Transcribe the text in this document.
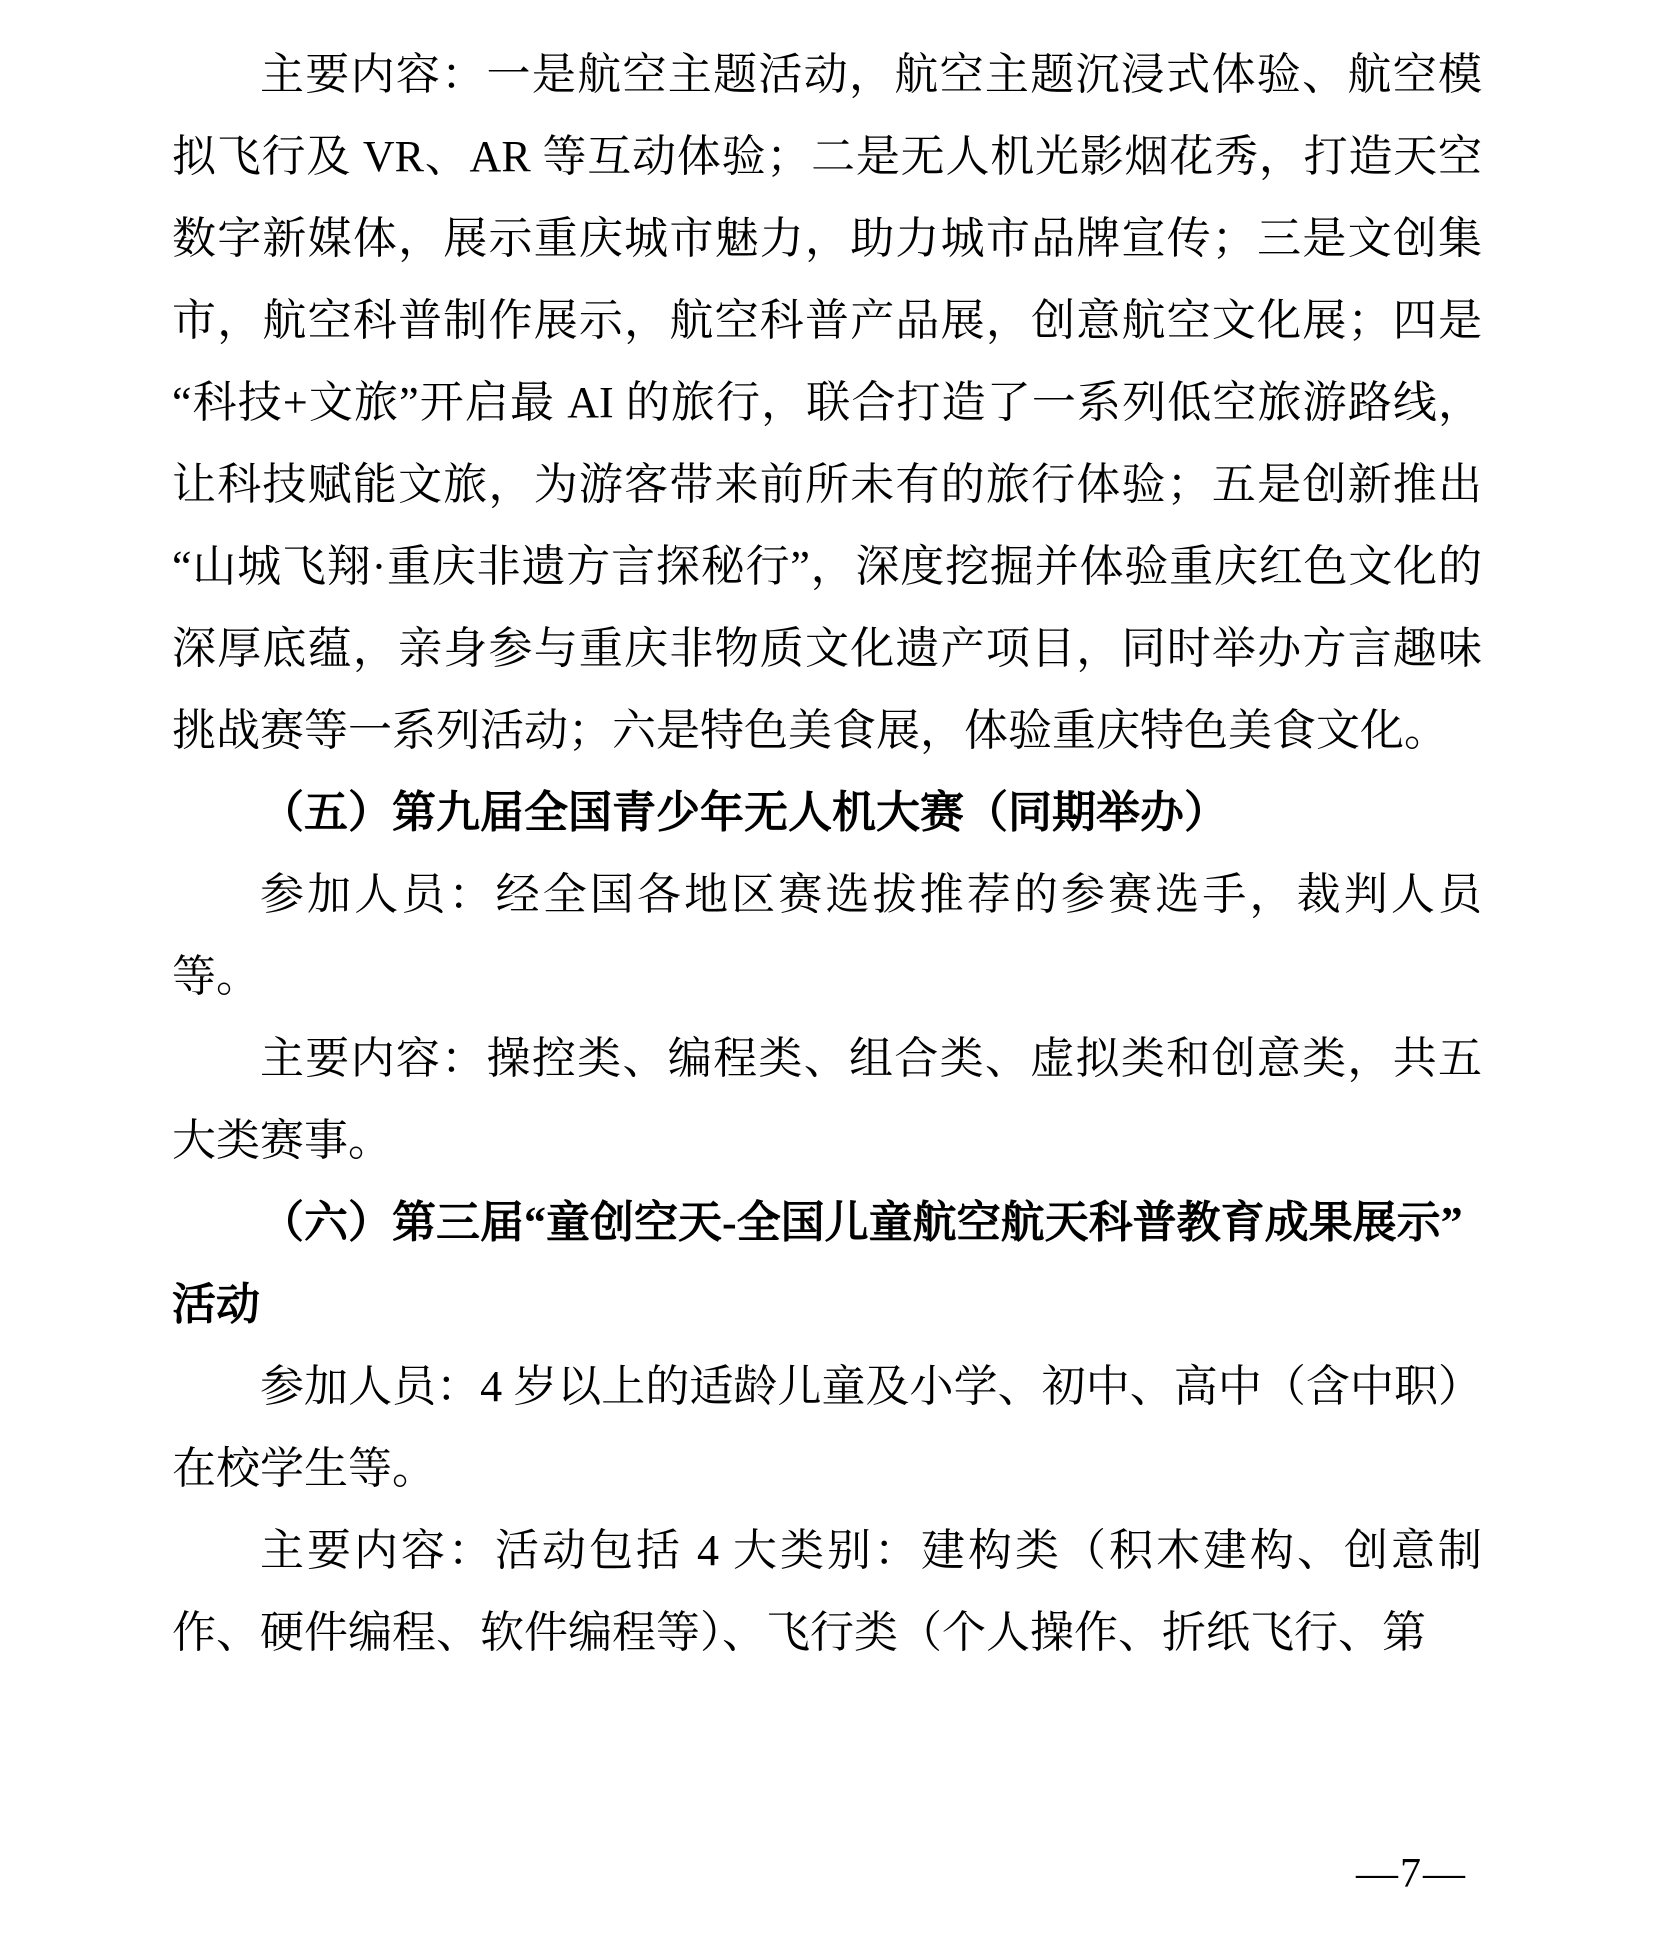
主要内容：一是航空主题活动，航空主题沉浸式体验、航空模拟飞行及 VR、AR 等互动体验；二是无人机光影烟花秀，打造天空数字新媒体，展示重庆城市魅力，助力城市品牌宣传；三是文创集市，航空科普制作展示，航空科普产品展，创意航空文化展；四是“科技+文旅”开启最 AI 的旅行，联合打造了一系列低空旅游路线，让科技赋能文旅，为游客带来前所未有的旅行体验；五是创新推出“山城飞翔·重庆非遗方言探秘行”，深度挖掘并体验重庆红色文化的深厚底蕴，亲身参与重庆非物质文化遗产项目，同时举办方言趣味挑战赛等一系列活动；六是特色美食展，体验重庆特色美食文化。
（五）第九届全国青少年无人机大赛（同期举办）
参加人员：经全国各地区赛选拔推荐的参赛选手，裁判人员等。
主要内容：操控类、编程类、组合类、虚拟类和创意类，共五大类赛事。
（六）第三届“童创空天-全国儿童航空航天科普教育成果展示”活动
参加人员：4 岁以上的适龄儿童及小学、初中、高中（含中职）在校学生等。
主要内容：活动包括 4 大类别：建构类（积木建构、创意制作、硬件编程、软件编程等）、飞行类（个人操作、折纸飞行、第
—7—
